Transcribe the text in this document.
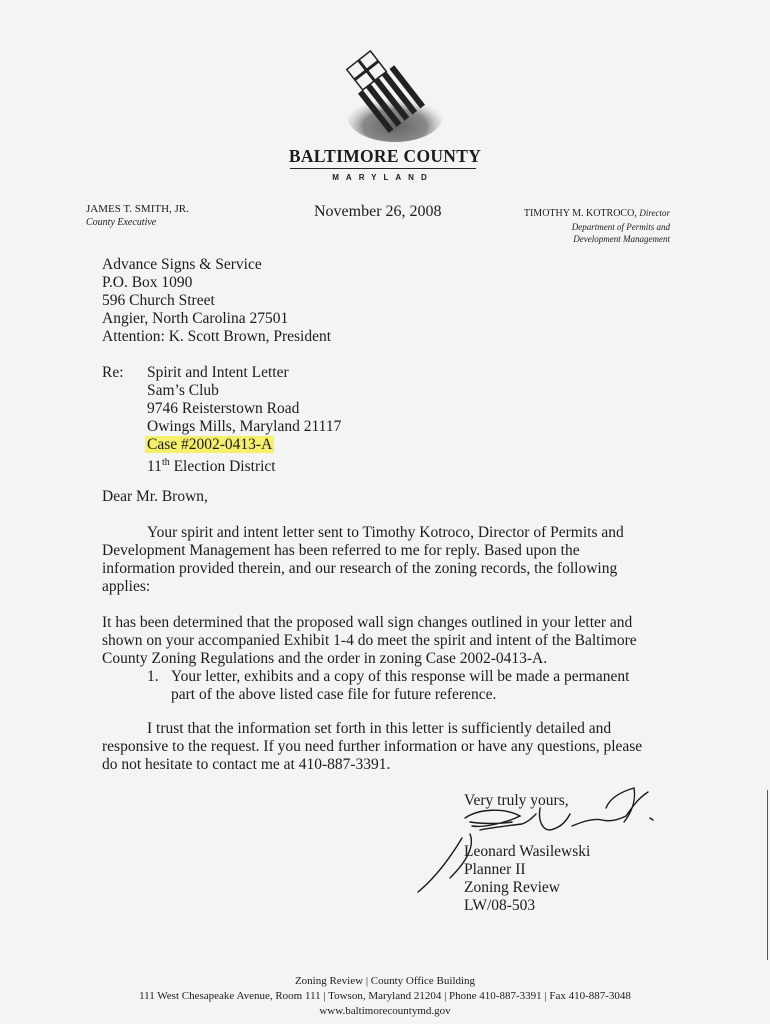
BALTIMORE COUNTY
MARYLAND
JAMES T. SMITH, JR.
County Executive
November 26, 2008	TIMOTHY M. KOTROCO, Director
Department of Permits and
Development Management
Advance Signs & Service
P.O. Box 1090
596 Church Street
Angier, North Carolina 27501
Attention: K. Scott Brown, President
Re: Spirit and Intent Letter
Sam’s Club
9746 Reisterstown Road
Owings Mills, Maryland 21117
Case #2002-0413-A
11th Election District
Dear Mr. Brown,
Your spirit and intent letter sent to Timothy Kotroco, Director of Permits and
Development Management has been referred to me for reply. Based upon the
information provided therein, and our research of the zoning records, the following
applies:
It has been determined that the proposed wall sign changes outlined in your letter and
shown on your accompanied Exhibit 1-4 do meet the spirit and intent of the Baltimore
County Zoning Regulations and the order in zoning Case 2002-0413-A.
1. Your letter, exhibits and a copy of this response will be made a permanent
part of the above listed case file for future reference.
I trust that the information set forth in this letter is sufficiently detailed and
responsive to the request. If you need further information or have any questions, please
do not hesitate to contact me at 410-887-3391.
Very truly yours,
Leonard Wasilewski
Planner II
Zoning Review
LW/08-503
Zoning Review | County Office Building
111 West Chesapeake Avenue, Room 111 | Towson, Maryland 21204 | Phone 410-887-3391 | Fax 410-887-3048
www.baltimorecountymd.gov
